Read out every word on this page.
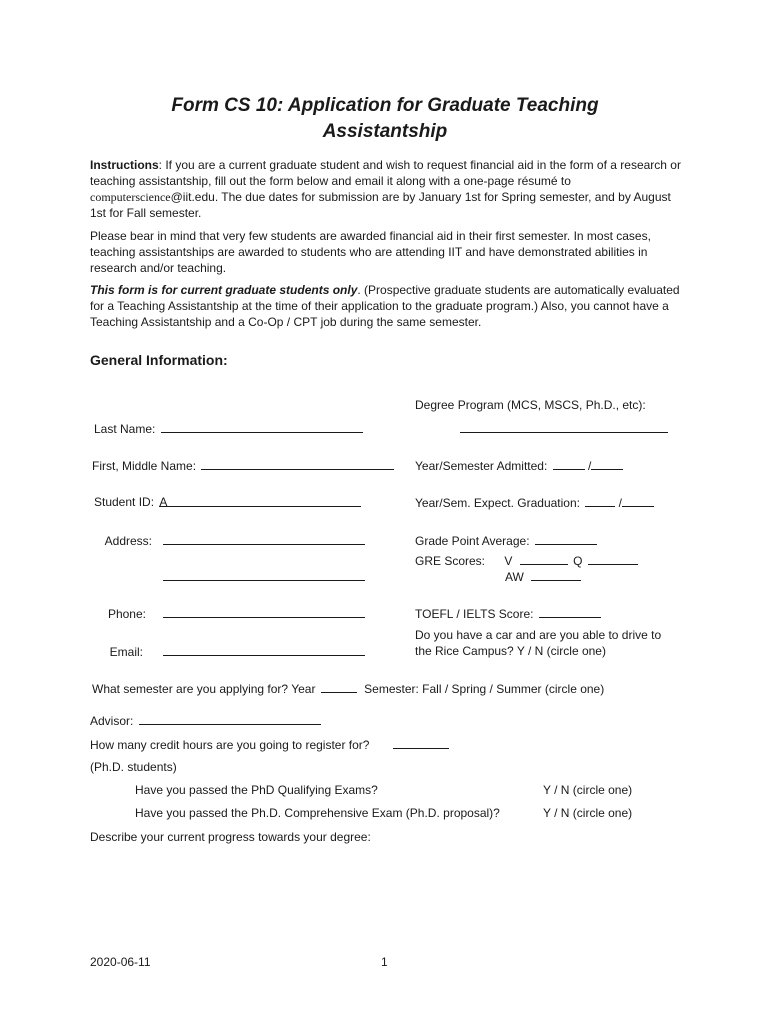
Form CS 10: Application for Graduate Teaching
Assistantship
Instructions: If you are a current graduate student and wish to request financial aid in the form of a research or teaching assistantship, fill out the form below and email it along with a one-page résumé to computerscience@iit.edu. The due dates for submission are by January 1st for Spring semester, and by August 1st for Fall semester.
Please bear in mind that very few students are awarded financial aid in their first semester. In most cases, teaching assistantships are awarded to students who are attending IIT and have demonstrated abilities in research and/or teaching.
This form is for current graduate students only. (Prospective graduate students are automatically evaluated for a Teaching Assistantship at the time of their application to the graduate program.) Also, you cannot have a Teaching Assistantship and a Co-Op / CPT job during the same semester.
General Information:
Degree Program (MCS, MSCS, Ph.D., etc):
Last Name:
First, Middle Name:	Year/Semester Admitted:	/
Student ID: A	Year/Sem. Expect. Graduation:	/
Address:	Grade Point Average:
GRE Scores: V	Q
AW
Phone:	TOEFL / IELTS Score:
Do you have a car and are you able to drive to
the Rice Campus? Y / N (circle one)
Email:
What semester are you applying for? Year	Semester: Fall / Spring / Summer (circle one)
Advisor:
How many credit hours are you going to register for?
(Ph.D. students)
Have you passed the PhD Qualifying Exams?	Y / N (circle one)
Have you passed the Ph.D. Comprehensive Exam (Ph.D. proposal)?	Y / N (circle one)
Describe your current progress towards your degree:
2020-06-11	1
